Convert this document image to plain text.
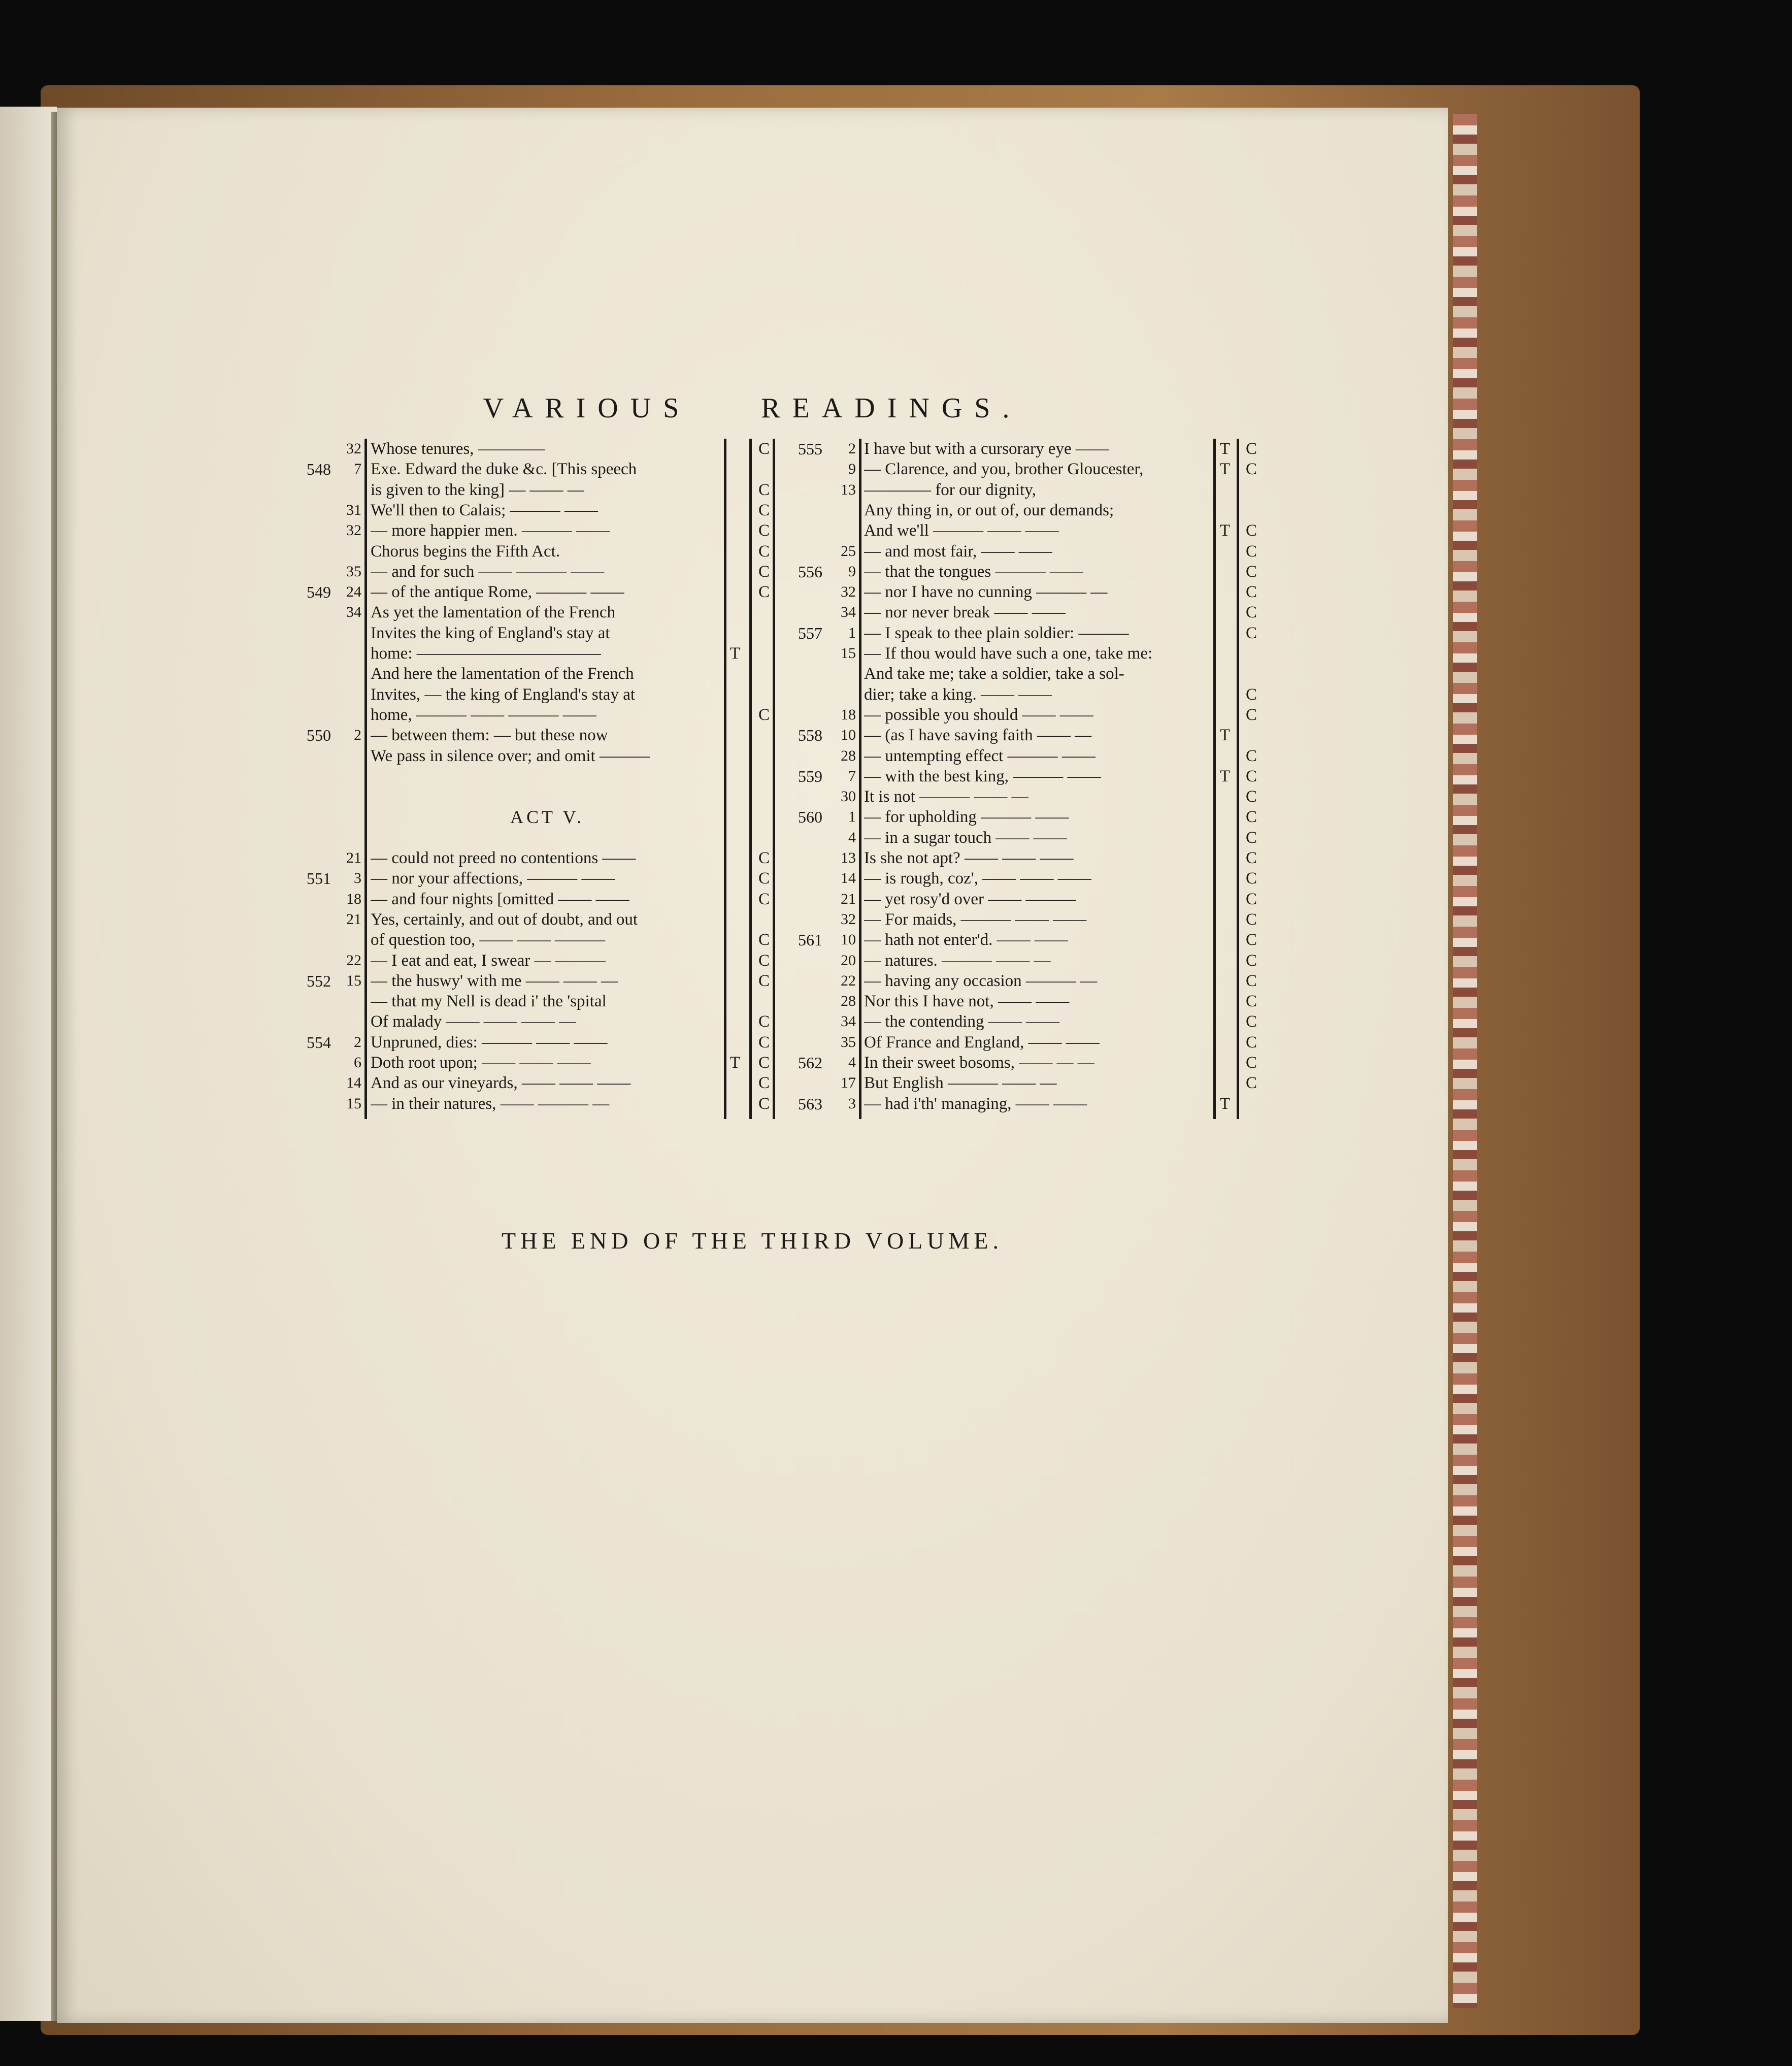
VARIOUS READINGS.
32 Whose tenures, ————	C
548	7 Exe. Edward the duke &c. [This speech
is given to the king] — —— —	C
31 We'll then to Calais; ——— ——	C
32 — more happier men. ——— ——	C
Chorus begins the Fifth Act.	C
35 — and for such —— ——— ——	C
549	24 — of the antique Rome, ——— ——	C
34 As yet the lamentation of the French
Invites the king of England's stay at
home: ———————————	T
And here the lamentation of the French
Invites, — the king of England's stay at
home, ——— —— ——— ——	C
550	2 — between them: — but these now
We pass in silence over; and omit ———
ACT V.
21 — could not preed no contentions ——	C
551	3 — nor your affections, ——— ——	C
18 — and four nights [omitted —— ——	C
21 Yes, certainly, and out of doubt, and out
of question too, —— —— ———	C
22 — I eat and eat, I swear — ———	C
552	15 — the huswy' with me —— —— —	C
— that my Nell is dead i' the 'spital
Of malady —— —— —— —	C
554	2 Unpruned, dies: ——— —— ——	C
6 Doth root upon; —— —— ——	T	C
14 And as our vineyards, —— —— ——	C
15 — in their natures, —— ——— —	C
555	2 I have but with a cursorary eye ——	T C
9 — Clarence, and you, brother Gloucester,	T C
13 ———— for our dignity,
Any thing in, or out of, our demands;
And we'll ——— —— ——	T C
25 — and most fair, —— ——	C
556	9 — that the tongues ——— ——	C
32 — nor I have no cunning ——— —	C
34 — nor never break —— ——	C
557	1 — I speak to thee plain soldier: ———	C
15 — If thou would have such a one, take me:
And take me; take a soldier, take a sol-
dier; take a king. —— ——	C
18 — possible you should —— ——	C
558	10 — (as I have saving faith —— —	T
28 — untempting effect ——— ——	C
559	7 — with the best king, ——— ——	T C
30 It is not ——— —— —	C
560	1 — for upholding ——— ——	C
4 — in a sugar touch —— ——	C
13 Is she not apt? —— —— ——	C
14 — is rough, coz', —— —— ——	C
21 — yet rosy'd over —— ———	C
32 — For maids, ——— —— ——	C
561	10 — hath not enter'd. —— ——	C
20 — natures. ——— —— —	C
22 — having any occasion ——— —	C
28 Nor this I have not, —— ——	C
34 — the contending —— ——	C
35 Of France and England, —— ——	C
562	4 In their sweet bosoms, —— — —	C
17 But English ——— —— —	C
563	3 — had i'th' managing, —— ——	T
THE END OF THE THIRD VOLUME.
